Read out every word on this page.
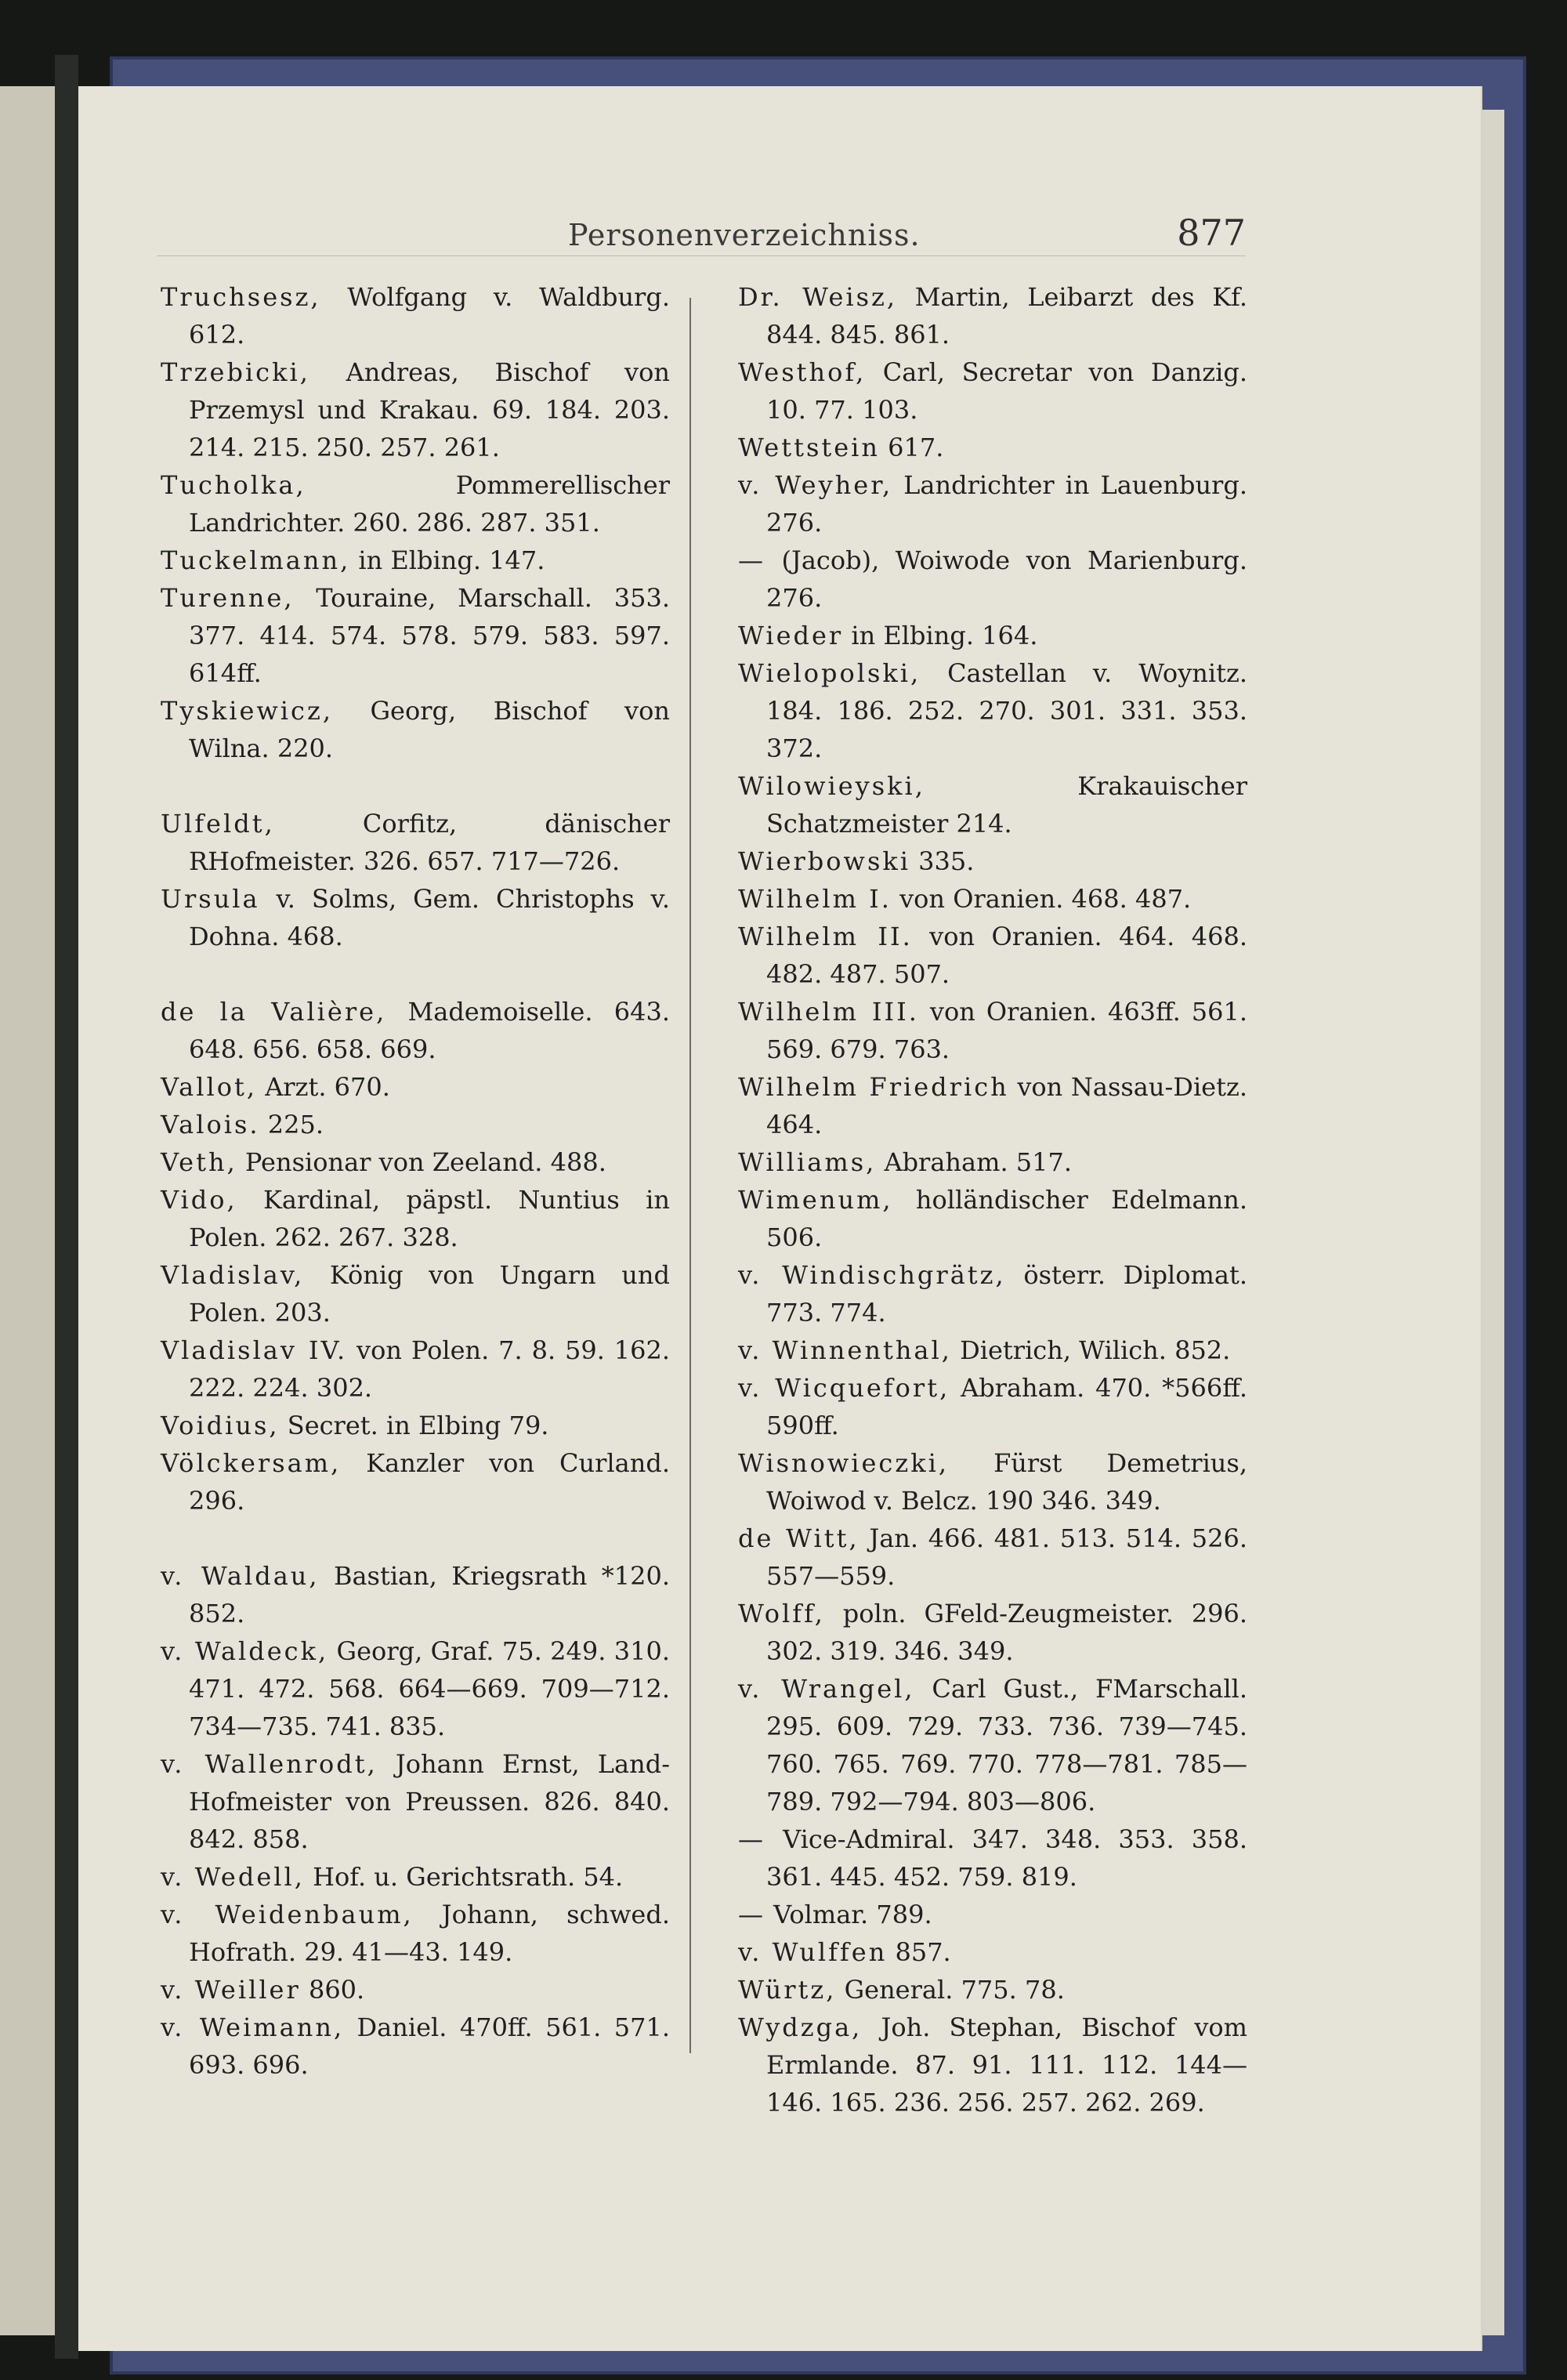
Personenverzeichniss.	877
Truchsesz, Wolfgang v. Waldburg. 612.
Trzebicki, Andreas, Bischof von Przemysl und Krakau. 69. 184. 203. 214. 215. 250. 257. 261.
Tucholka, Pommerellischer Landrichter. 260. 286. 287. 351.
Tuckelmann, in Elbing. 147.
Turenne, Touraine, Marschall. 353. 377. 414. 574. 578. 579. 583. 597. 614ff.
Tyskiewicz, Georg, Bischof von Wilna. 220.
Ulfeldt, Corfitz, dänischer RHofmeister. 326. 657. 717—726.
Ursula v. Solms, Gem. Christophs v. Dohna. 468.
de la Valière, Mademoiselle. 643. 648. 656. 658. 669.
Vallot, Arzt. 670.
Valois. 225.
Veth, Pensionar von Zeeland. 488.
Vido, Kardinal, päpstl. Nuntius in Polen. 262. 267. 328.
Vladislav, König von Ungarn und Polen. 203.
Vladislav IV. von Polen. 7. 8. 59. 162. 222. 224. 302.
Voidius, Secret. in Elbing 79.
Völckersam, Kanzler von Curland. 296.
v. Waldau, Bastian, Kriegsrath *120. 852.
v. Waldeck, Georg, Graf. 75. 249. 310. 471. 472. 568. 664—669. 709—712. 734—735. 741. 835.
v. Wallenrodt, Johann Ernst, Land-Hofmeister von Preussen. 826. 840. 842. 858.
v. Wedell, Hof. u. Gerichtsrath. 54.
v. Weidenbaum, Johann, schwed. Hofrath. 29. 41—43. 149.
v. Weiller 860.
v. Weimann, Daniel. 470ff. 561. 571. 693. 696.
Dr. Weisz, Martin, Leibarzt des Kf. 844. 845. 861.
Westhof, Carl, Secretar von Danzig. 10. 77. 103.
Wettstein 617.
v. Weyher, Landrichter in Lauenburg. 276.
— (Jacob), Woiwode von Marienburg. 276.
Wieder in Elbing. 164.
Wielopolski, Castellan v. Woynitz. 184. 186. 252. 270. 301. 331. 353. 372.
Wilowieyski, Krakauischer Schatzmeister 214.
Wierbowski 335.
Wilhelm I. von Oranien. 468. 487.
Wilhelm II. von Oranien. 464. 468. 482. 487. 507.
Wilhelm III. von Oranien. 463ff. 561. 569. 679. 763.
Wilhelm Friedrich von Nassau-Dietz. 464.
Williams, Abraham. 517.
Wimenum, holländischer Edelmann. 506.
v. Windischgrätz, österr. Diplomat. 773. 774.
v. Winnenthal, Dietrich, Wilich. 852.
v. Wicquefort, Abraham. 470. *566ff. 590ff.
Wisnowieczki, Fürst Demetrius, Woiwod v. Belcz. 190 346. 349.
de Witt, Jan. 466. 481. 513. 514. 526. 557—559.
Wolff, poln. GFeld-Zeugmeister. 296. 302. 319. 346. 349.
v. Wrangel, Carl Gust., FMarschall. 295. 609. 729. 733. 736. 739—745. 760. 765. 769. 770. 778—781. 785—789. 792—794. 803—806.
— Vice-Admiral. 347. 348. 353. 358. 361. 445. 452. 759. 819.
— Volmar. 789.
v. Wulffen 857.
Würtz, General. 775. 78.
Wydzga, Joh. Stephan, Bischof vom Ermlande. 87. 91. 111. 112. 144—146. 165. 236. 256. 257. 262. 269.
